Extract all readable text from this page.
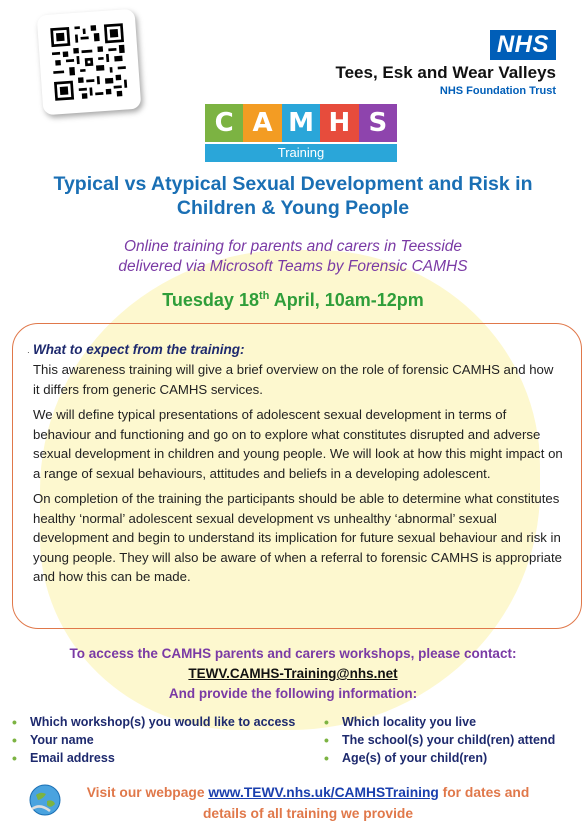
NHS
Tees, Esk and Wear Valleys
NHS Foundation Trust
C A M H S
Training
Typical vs Atypical Sexual Development and Risk in
Children & Young People
Online training for parents and carers in Teesside
delivered via Microsoft Teams by Forensic CAMHS
Tuesday 18th April, 10am-12pm
· What to expect from the training:

This awareness training will give a brief overview on the role of forensic CAMHS and how it differs from generic CAMHS services.

We will define typical presentations of adolescent sexual development in terms of behaviour and functioning and go on to explore what constitutes disrupted and adverse sexual development in children and young people. We will look at how this might impact on a range of sexual behaviours, attitudes and beliefs in a developing adolescent.

On completion of the training the participants should be able to determine what constitutes healthy ‘normal’ adolescent sexual development vs unhealthy ‘abnormal’ sexual development and begin to understand its implication for future sexual behaviour and risk in young people. They will also be aware of when a referral to forensic CAMHS is appropriate and how this can be made.

To access the CAMHS parents and carers workshops, please contact:
TEWV.CAMHS-Training@nhs.net
And provide the following information:
• Which workshop(s) you would like to access
• Your name
• Email address
• Which locality you live
• The school(s) your child(ren) attend
• Age(s) of your child(ren)
Visit our webpage www.TEWV.nhs.uk/CAMHSTraining for dates and details of all training we provide
